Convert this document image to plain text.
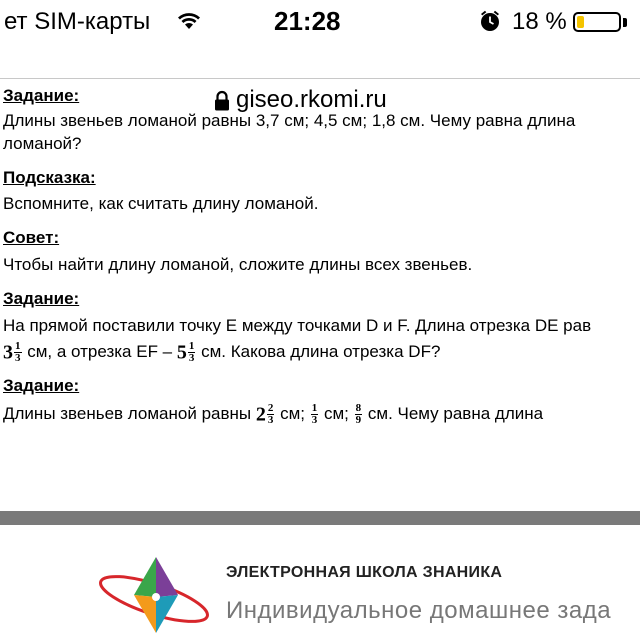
ет SIM-карты	21:28	18 %
giseo.rkomi.ru
Задание:
Длины звеньев ломаной равны 3,7 см; 4,5 см; 1,8 см. Чему равна длина
ломаной?
Подсказка:
Вспомните, как считать длину ломаной.
Совет:
Чтобы найти длину ломаной, сложите длины всех звеньев.
Задание:
На прямой поставили точку E между точками D и F. Длина отрезка DE рав
$3 \frac{1}{3}$ см, а отрезка EF – $5 \frac{1}{3}$ см. Какова длина отрезка DF?
Задание:
Длины звеньев ломаной равны $2 \frac{2}{3}$ см; $\frac{1}{3}$ см; $\frac{8}{9}$ см. Чему равна длина
ЭЛЕКТРОННАЯ ШКОЛА ЗНАНИКА
Индивидуальное домашнее зада
